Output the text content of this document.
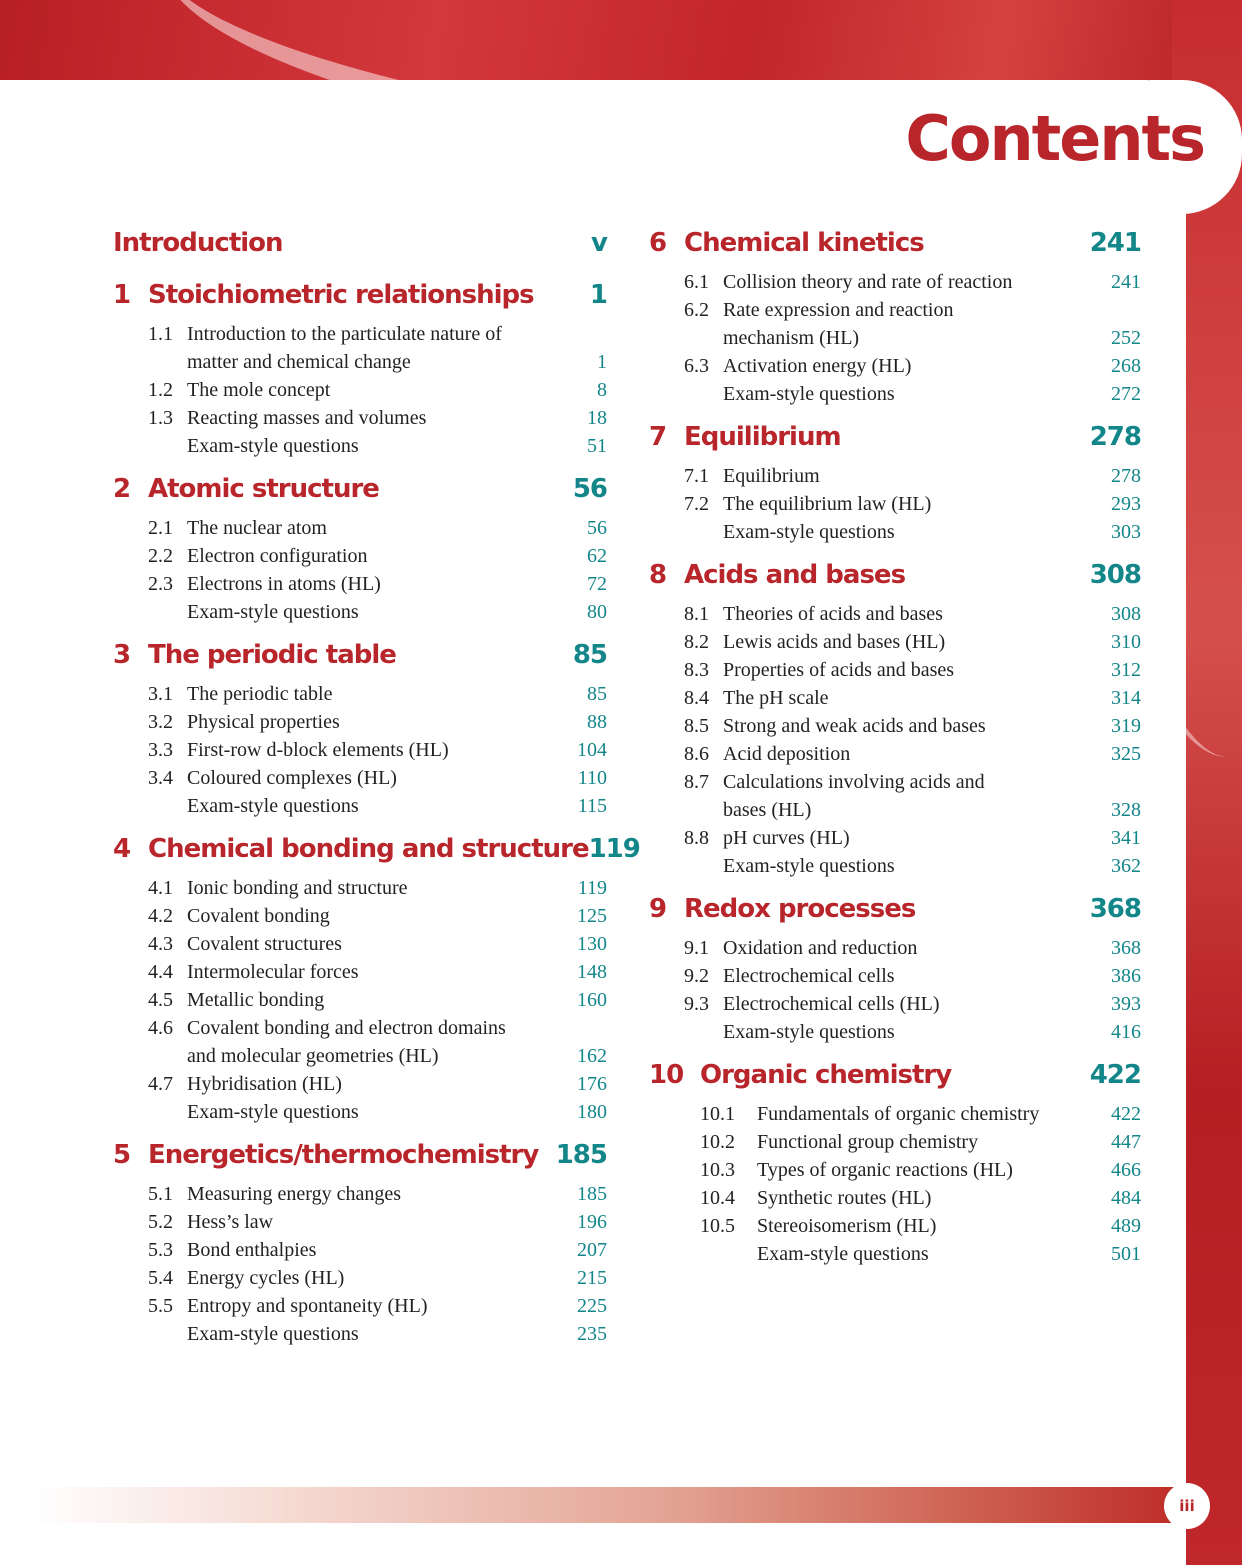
Contents
Introduction	v
1 Stoichiometric relationships	1
1.1 Introduction to the particulate nature of
matter and chemical change	1
1.2 The mole concept	8
1.3 Reacting masses and volumes	18
Exam-style questions	51
2 Atomic structure	56
2.1 The nuclear atom	56
2.2 Electron configuration	62
2.3 Electrons in atoms (HL)	72
Exam-style questions	80
3 The periodic table	85
3.1 The periodic table	85
3.2 Physical properties	88
3.3 First-row d-block elements (HL)	104
3.4 Coloured complexes (HL)	110
Exam-style questions	115
4 Chemical bonding and structure 119
4.1 Ionic bonding and structure	119
4.2 Covalent bonding	125
4.3 Covalent structures	130
4.4 Intermolecular forces	148
4.5 Metallic bonding	160
4.6 Covalent bonding and electron domains
and molecular geometries (HL)	162
4.7 Hybridisation (HL)	176
Exam-style questions	180
5 Energetics/thermochemistry 185
5.1 Measuring energy changes	185
5.2 Hess’s law	196
5.3 Bond enthalpies	207
5.4 Energy cycles (HL)	215
5.5 Entropy and spontaneity (HL)	225
Exam-style questions	235
6 Chemical kinetics	241
6.1 Collision theory and rate of reaction	241
6.2 Rate expression and reaction
mechanism (HL)	252
6.3 Activation energy (HL)	268
Exam-style questions	272
7 Equilibrium	278
7.1 Equilibrium	278
7.2 The equilibrium law (HL)	293
Exam-style questions	303
8 Acids and bases	308
8.1 Theories of acids and bases	308
8.2 Lewis acids and bases (HL)	310
8.3 Properties of acids and bases	312
8.4 The pH scale	314
8.5 Strong and weak acids and bases	319
8.6 Acid deposition	325
8.7 Calculations involving acids and
bases (HL)	328
8.8 pH curves (HL)	341
Exam-style questions	362
9 Redox processes	368
9.1 Oxidation and reduction	368
9.2 Electrochemical cells	386
9.3 Electrochemical cells (HL)	393
Exam-style questions	416
10 Organic chemistry	422
10.1	Fundamentals of organic chemistry	422
10.2	Functional group chemistry	447
10.3	Types of organic reactions (HL)	466
10.4	Synthetic routes (HL)	484
10.5	Stereoisomerism (HL)	489
Exam-style questions	501
iii
